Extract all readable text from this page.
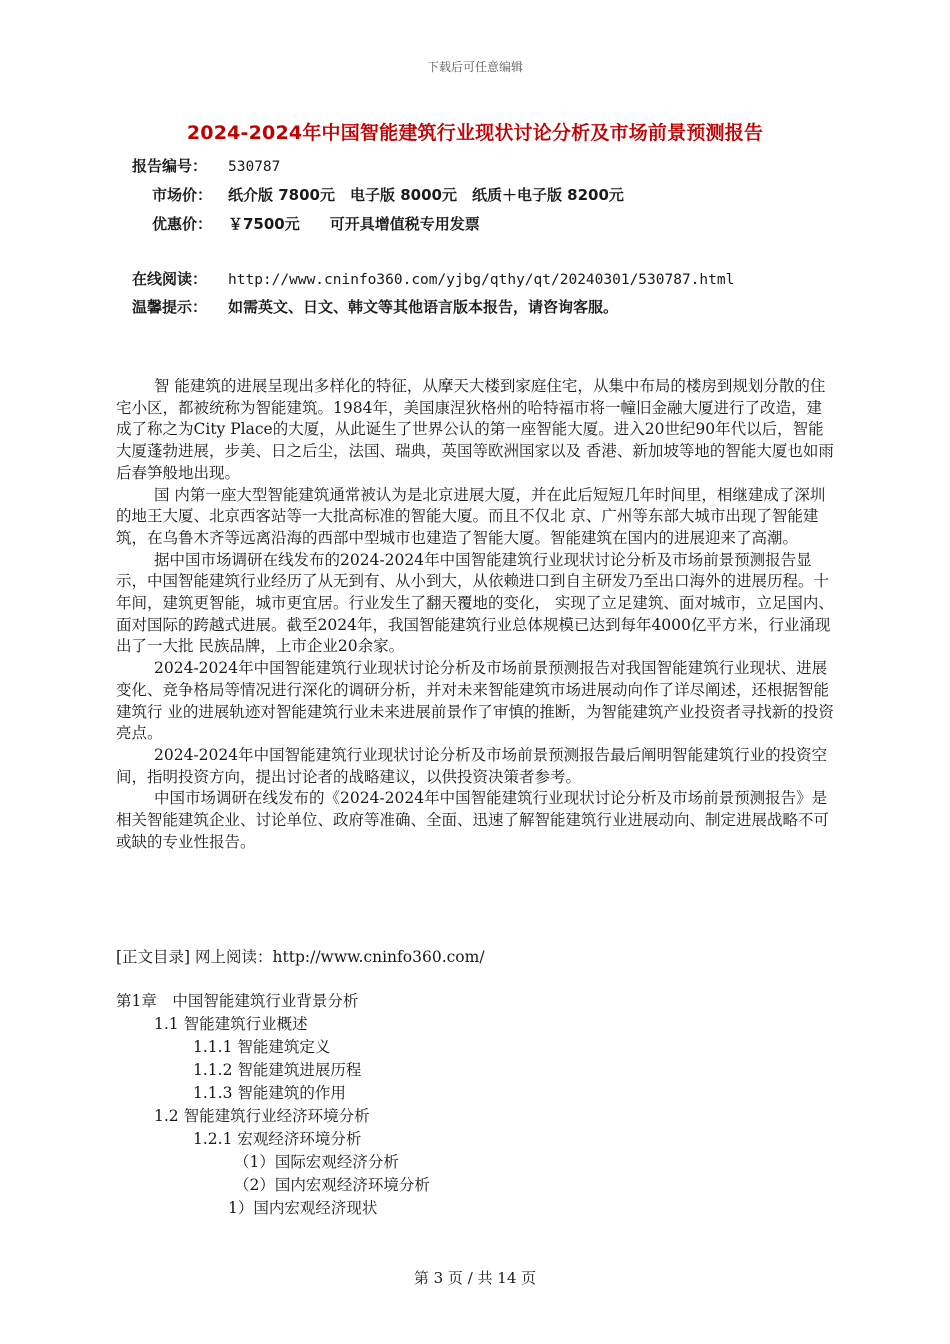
下载后可任意编辑
2024-2024年中国智能建筑行业现状讨论分析及市场前景预测报告
报告编号： 530787
市场价： 纸介版 7800元　电子版 8000元　纸质＋电子版 8200元
优惠价： ￥7500元　　可开具增值税专用发票
在线阅读： http://www.cninfo360.com/yjbg/qthy/qt/20240301/530787.html
温馨提示： 如需英文、日文、韩文等其他语言版本报告，请咨询客服。

智 能建筑的进展呈现出多样化的特征，从摩天大楼到家庭住宅，从集中布局的楼房到规划分散的住宅小区，都被统称为智能建筑。1984年，美国康涅狄格州的哈特福市将一幢旧金融大厦进行了改造，建成了称之为City Place的大厦，从此诞生了世界公认的第一座智能大厦。进入20世纪90年代以后，智能大厦蓬勃进展，步美、日之后尘，法国、瑞典，英国等欧洲国家以及 香港、新加坡等地的智能大厦也如雨后春笋般地出现。

国 内第一座大型智能建筑通常被认为是北京进展大厦，并在此后短短几年时间里，相继建成了深圳的地王大厦、北京西客站等一大批高标准的智能大厦。而且不仅北 京、广州等东部大城市出现了智能建筑，在乌鲁木齐等远离沿海的西部中型城市也建造了智能大厦。智能建筑在国内的进展迎来了高潮。

据中国市场调研在线发布的2024-2024年中国智能建筑行业现状讨论分析及市场前景预测报告显示，中国智能建筑行业经历了从无到有、从小到大，从依赖进口到自主研发乃至出口海外的进展历程。十年间，建筑更智能，城市更宜居。行业发生了翻天覆地的变化， 实现了立足建筑、面对城市，立足国内、面对国际的跨越式进展。截至2024年，我国智能建筑行业总体规模已达到每年4000亿平方米，行业涌现出了一大批 民族品牌，上市企业20余家。

2024-2024年中国智能建筑行业现状讨论分析及市场前景预测报告对我国智能建筑行业现状、进展变化、竞争格局等情况进行深化的调研分析，并对未来智能建筑市场进展动向作了详尽阐述，还根据智能建筑行 业的进展轨迹对智能建筑行业未来进展前景作了审慎的推断，为智能建筑产业投资者寻找新的投资亮点。

2024-2024年中国智能建筑行业现状讨论分析及市场前景预测报告最后阐明智能建筑行业的投资空间，指明投资方向，提出讨论者的战略建议，以供投资决策者参考。

中国市场调研在线发布的《2024-2024年中国智能建筑行业现状讨论分析及市场前景预测报告》是相关智能建筑企业、讨论单位、政府等准确、全面、迅速了解智能建筑行业进展动向、制定进展战略不可或缺的专业性报告。

[正文目录] 网上阅读：http://www.cninfo360.com/
第1章　中国智能建筑行业背景分析
1.1 智能建筑行业概述
1.1.1 智能建筑定义
1.1.2 智能建筑进展历程
1.1.3 智能建筑的作用
1.2 智能建筑行业经济环境分析
1.2.1 宏观经济环境分析
（1）国际宏观经济分析
（2）国内宏观经济环境分析
1）国内宏观经济现状
第 3 页 / 共 14 页
